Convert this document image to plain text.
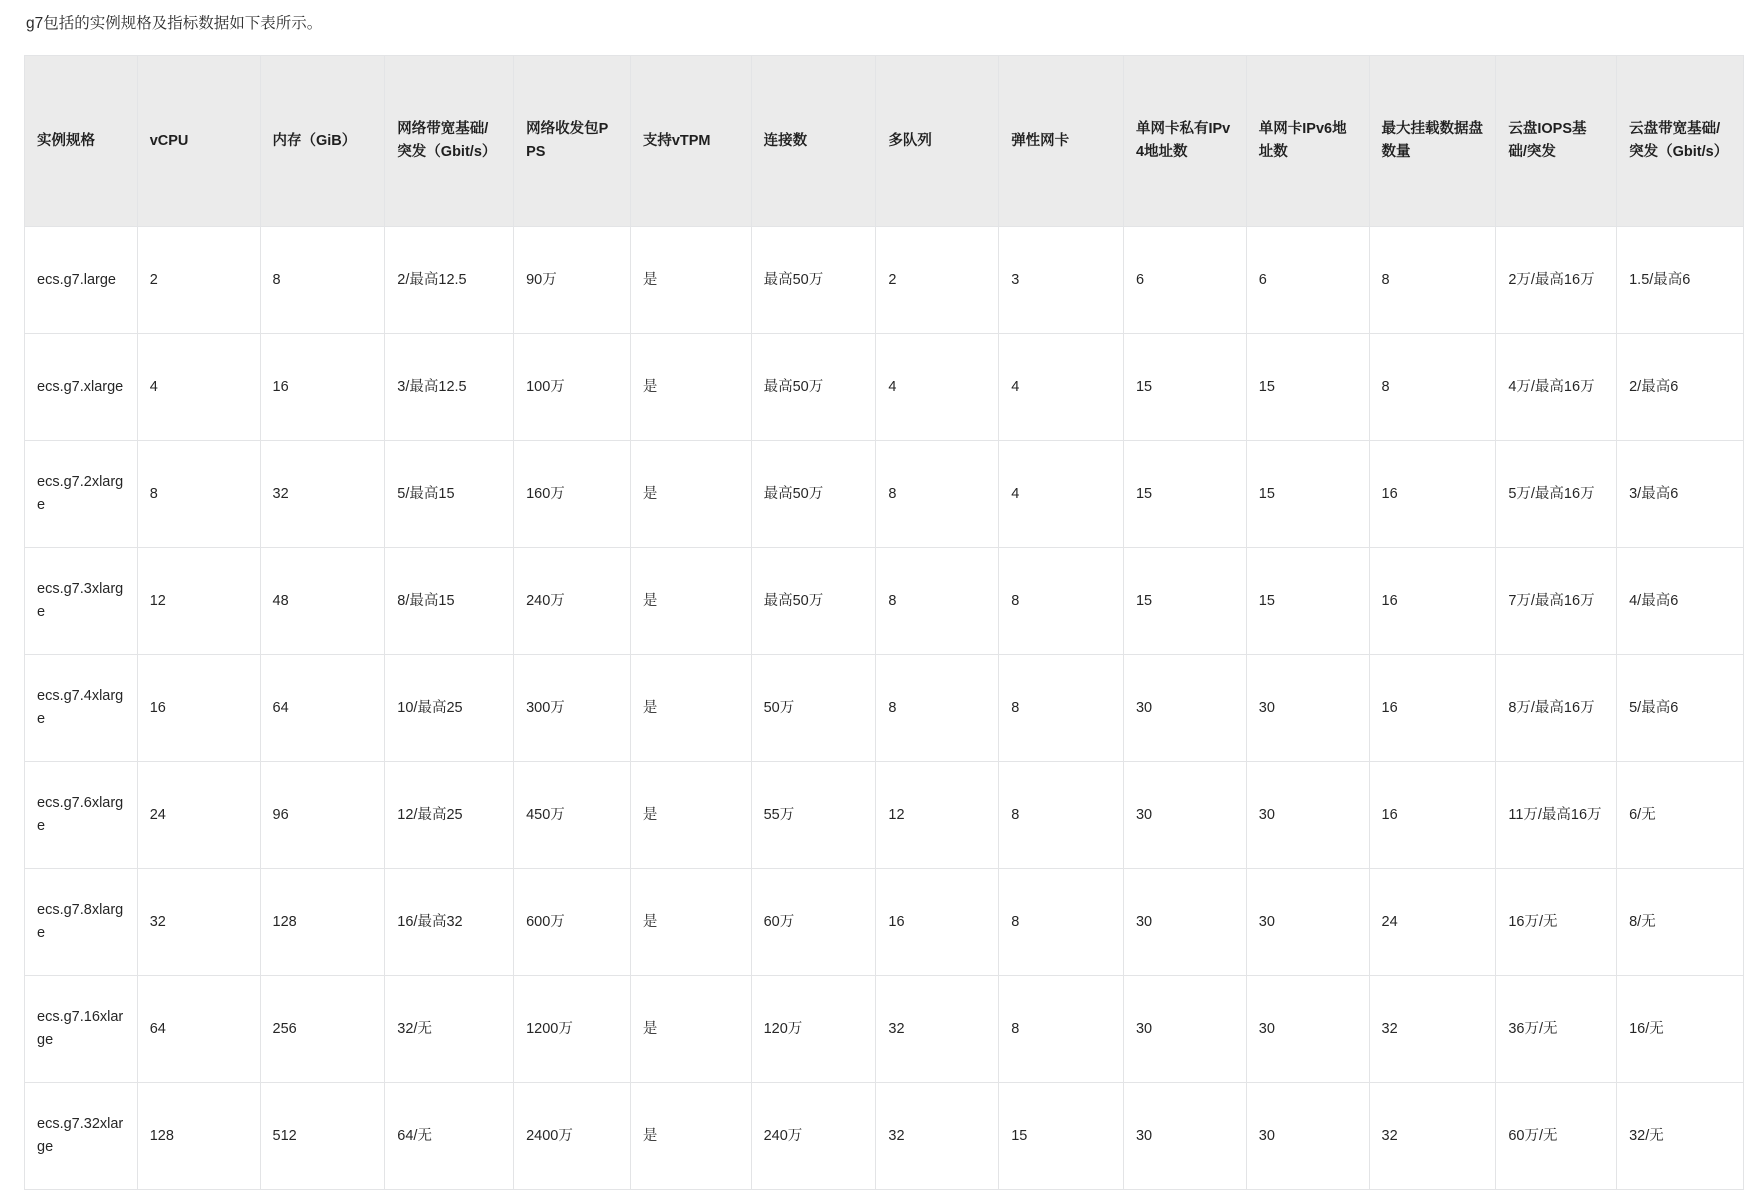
g7包括的实例规格及指标数据如下表所示。

实例规格	vCPU	内存（GiB）	网络带宽基础/突发（Gbit/s）	网络收发包PPS	支持vTPM	连接数	多队列	弹性网卡	单网卡私有IPv4地址数	单网卡IPv6地址数	最大挂载数据盘数量	云盘IOPS基础/突发	云盘带宽基础/突发（Gbit/s）
ecs.g7.large	2	8	2/最高12.5	90万	是	最高50万	2	3	6	6	8	2万/最高16万	1.5/最高6
ecs.g7.xlarge	4	16	3/最高12.5	100万	是	最高50万	4	4	15	15	8	4万/最高16万	2/最高6
ecs.g7.2xlarge	8	32	5/最高15	160万	是	最高50万	8	4	15	15	16	5万/最高16万	3/最高6
ecs.g7.3xlarge	12	48	8/最高15	240万	是	最高50万	8	8	15	15	16	7万/最高16万	4/最高6
ecs.g7.4xlarge	16	64	10/最高25	300万	是	50万	8	8	30	30	16	8万/最高16万	5/最高6
ecs.g7.6xlarge	24	96	12/最高25	450万	是	55万	12	8	30	30	16	11万/最高16万	6/无
ecs.g7.8xlarge	32	128	16/最高32	600万	是	60万	16	8	30	30	24	16万/无	8/无
ecs.g7.16xlarge	64	256	32/无	1200万	是	120万	32	8	30	30	32	36万/无	16/无
ecs.g7.32xlarge	128	512	64/无	2400万	是	240万	32	15	30	30	32	60万/无	32/无
